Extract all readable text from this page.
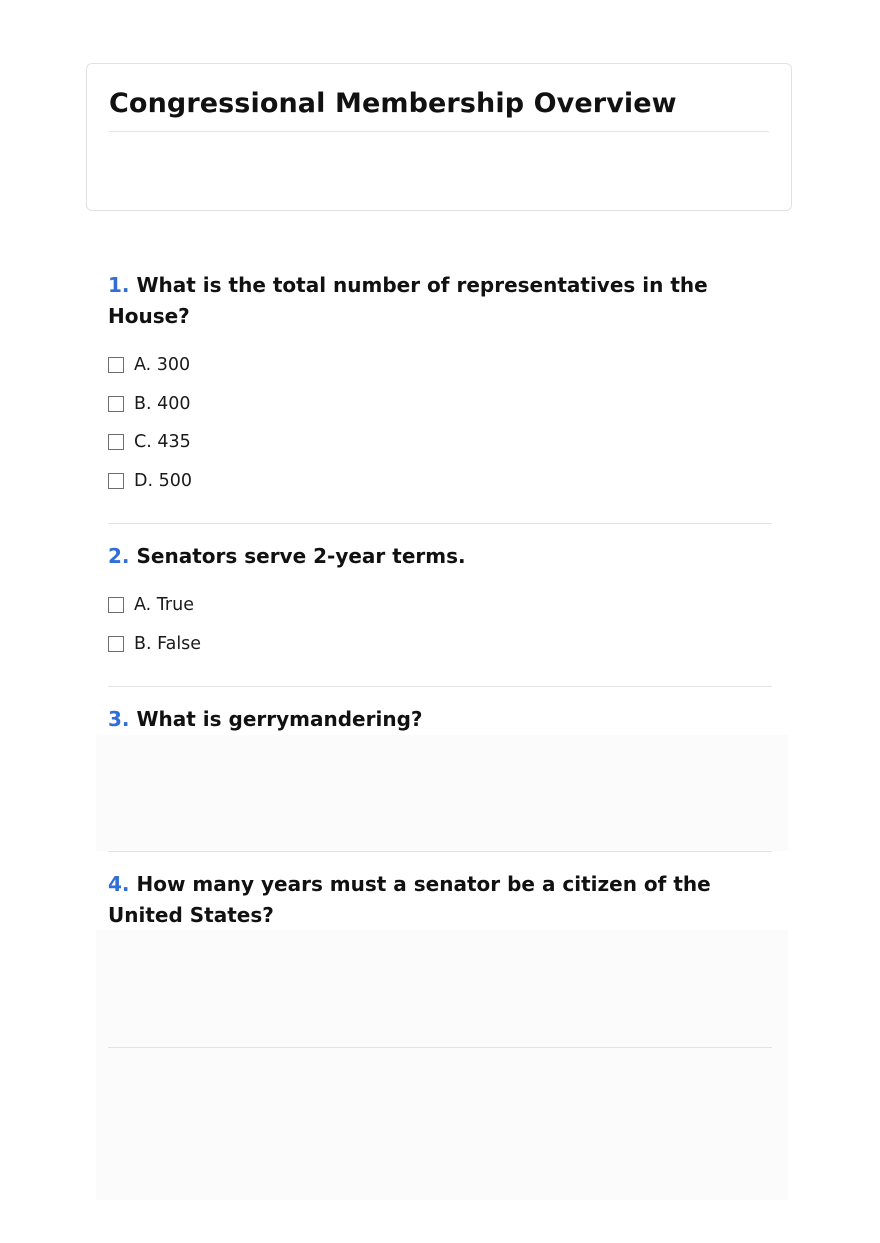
Congressional Membership Overview

1. What is the total number of representatives in the House?

A. 300
B. 400
C. 435
D. 500

2. Senators serve 2-year terms.

A. True
B. False

3. What is gerrymandering?

4. How many years must a senator be a citizen of the United States?
